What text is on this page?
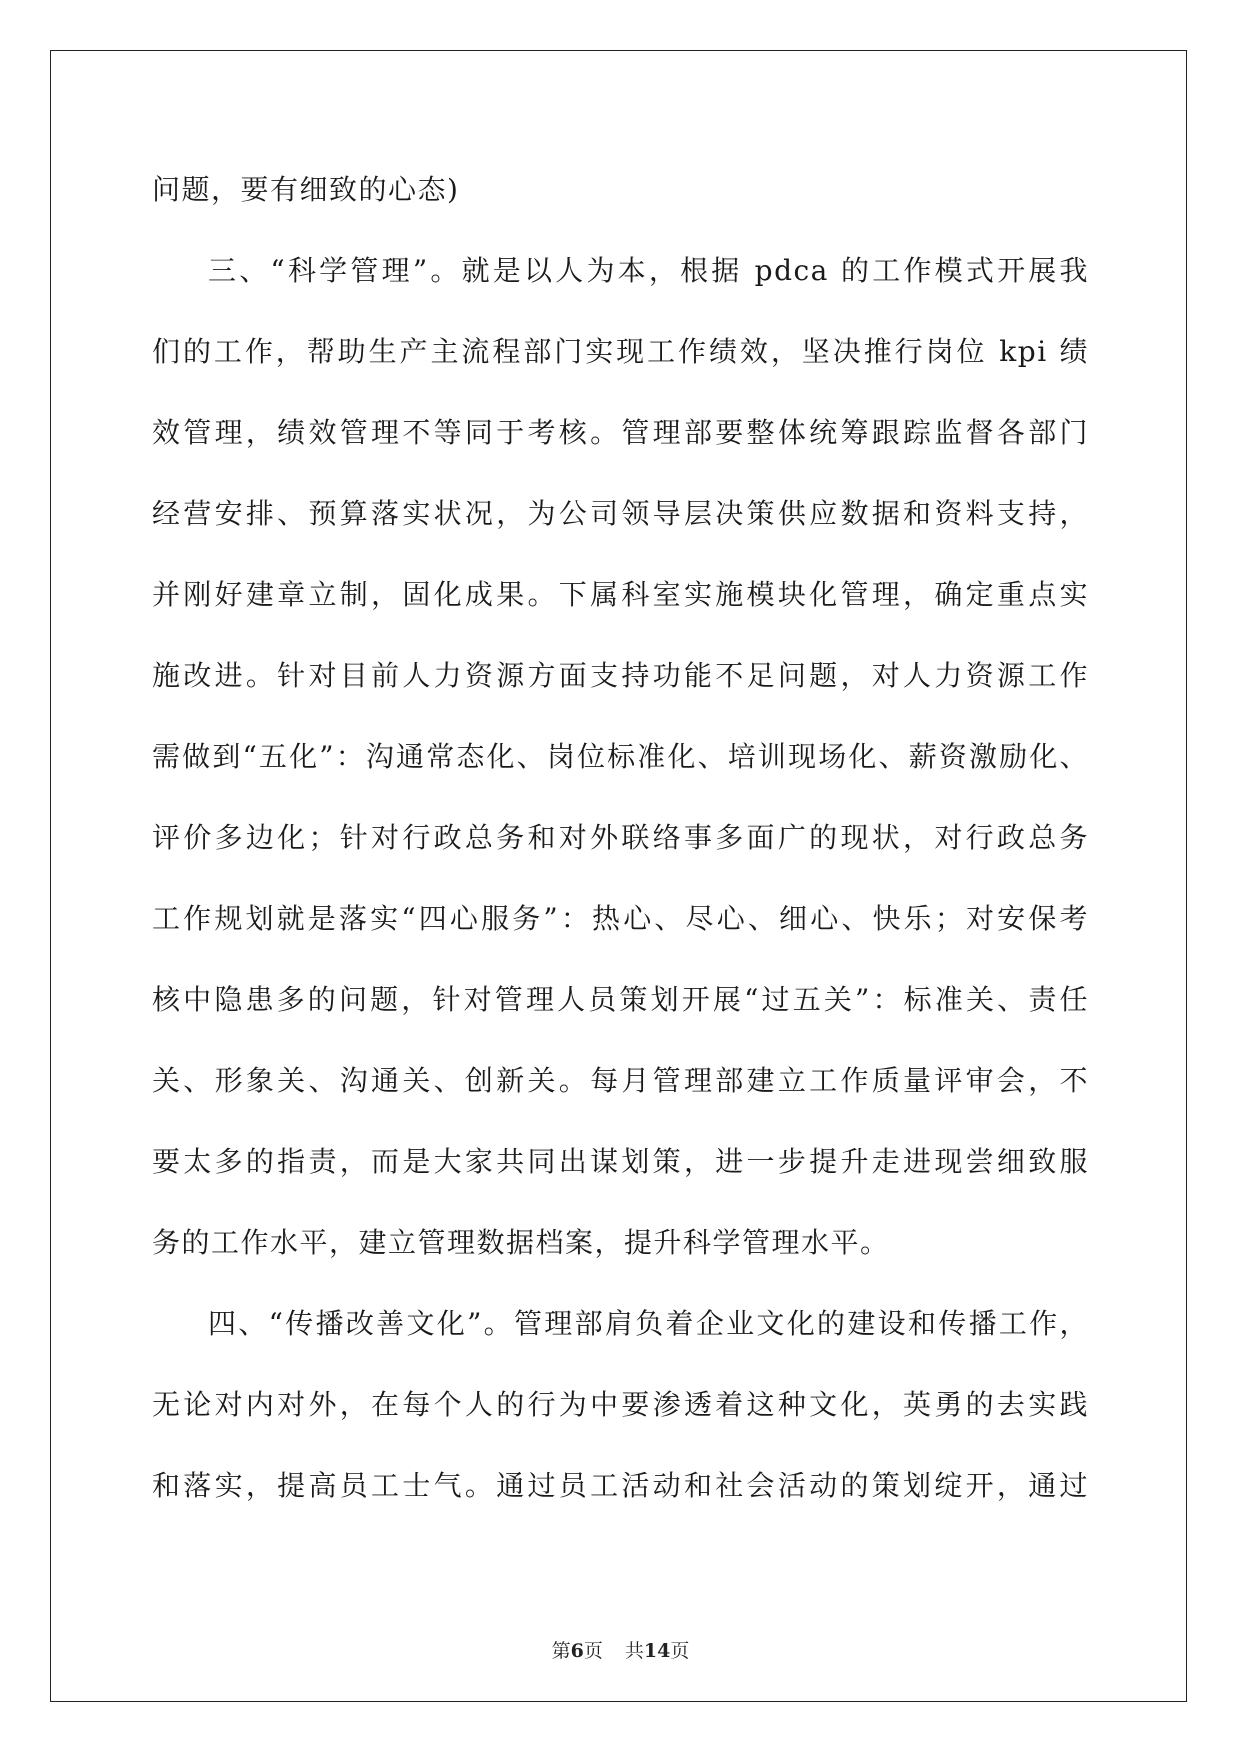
问题，要有细致的心态)
三、“科学管理”。就是以人为本，根据 pdca 的工作模式开展我
们的工作，帮助生产主流程部门实现工作绩效，坚决推行岗位 kpi 绩
效管理，绩效管理不等同于考核。管理部要整体统筹跟踪监督各部门
经营安排、预算落实状况，为公司领导层决策供应数据和资料支持，
并刚好建章立制，固化成果。下属科室实施模块化管理，确定重点实
施改进。针对目前人力资源方面支持功能不足问题，对人力资源工作
需做到“五化”：沟通常态化、岗位标准化、培训现场化、薪资激励化、
评价多边化；针对行政总务和对外联络事多面广的现状，对行政总务
工作规划就是落实“四心服务”：热心、尽心、细心、快乐；对安保考
核中隐患多的问题，针对管理人员策划开展“过五关”：标准关、责任
关、形象关、沟通关、创新关。每月管理部建立工作质量评审会，不
要太多的指责，而是大家共同出谋划策，进一步提升走进现尝细致服
务的工作水平，建立管理数据档案，提升科学管理水平。
四、“传播改善文化”。管理部肩负着企业文化的建设和传播工作，
无论对内对外，在每个人的行为中要渗透着这种文化，英勇的去实践
和落实，提高员工士气。通过员工活动和社会活动的策划绽开，通过
第6页 共14页
